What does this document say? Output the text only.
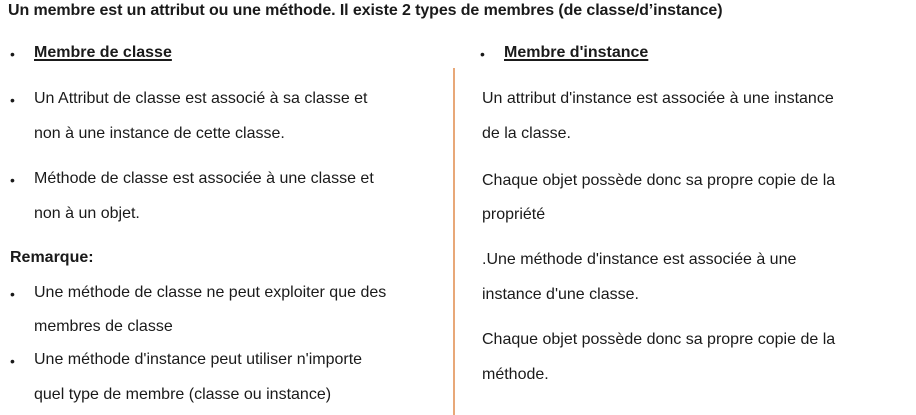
Un membre est un attribut ou une méthode. Il existe 2 types de membres (de classe/d’instance)
• Membre de classe
• Un Attribut de classe est associé à sa classe et
non à une instance de cette classe.
• Méthode de classe est associée à une classe et
non à un objet.
Remarque:
• Une méthode de classe ne peut exploiter que des
membres de classe
• Une méthode d'instance peut utiliser n'importe
quel type de membre (classe ou instance)
• Membre d'instance
Un attribut d'instance est associée à une instance
de la classe.
Chaque objet possède donc sa propre copie de la
propriété
.Une méthode d'instance est associée à une
instance d'une classe.
Chaque objet possède donc sa propre copie de la
méthode.
